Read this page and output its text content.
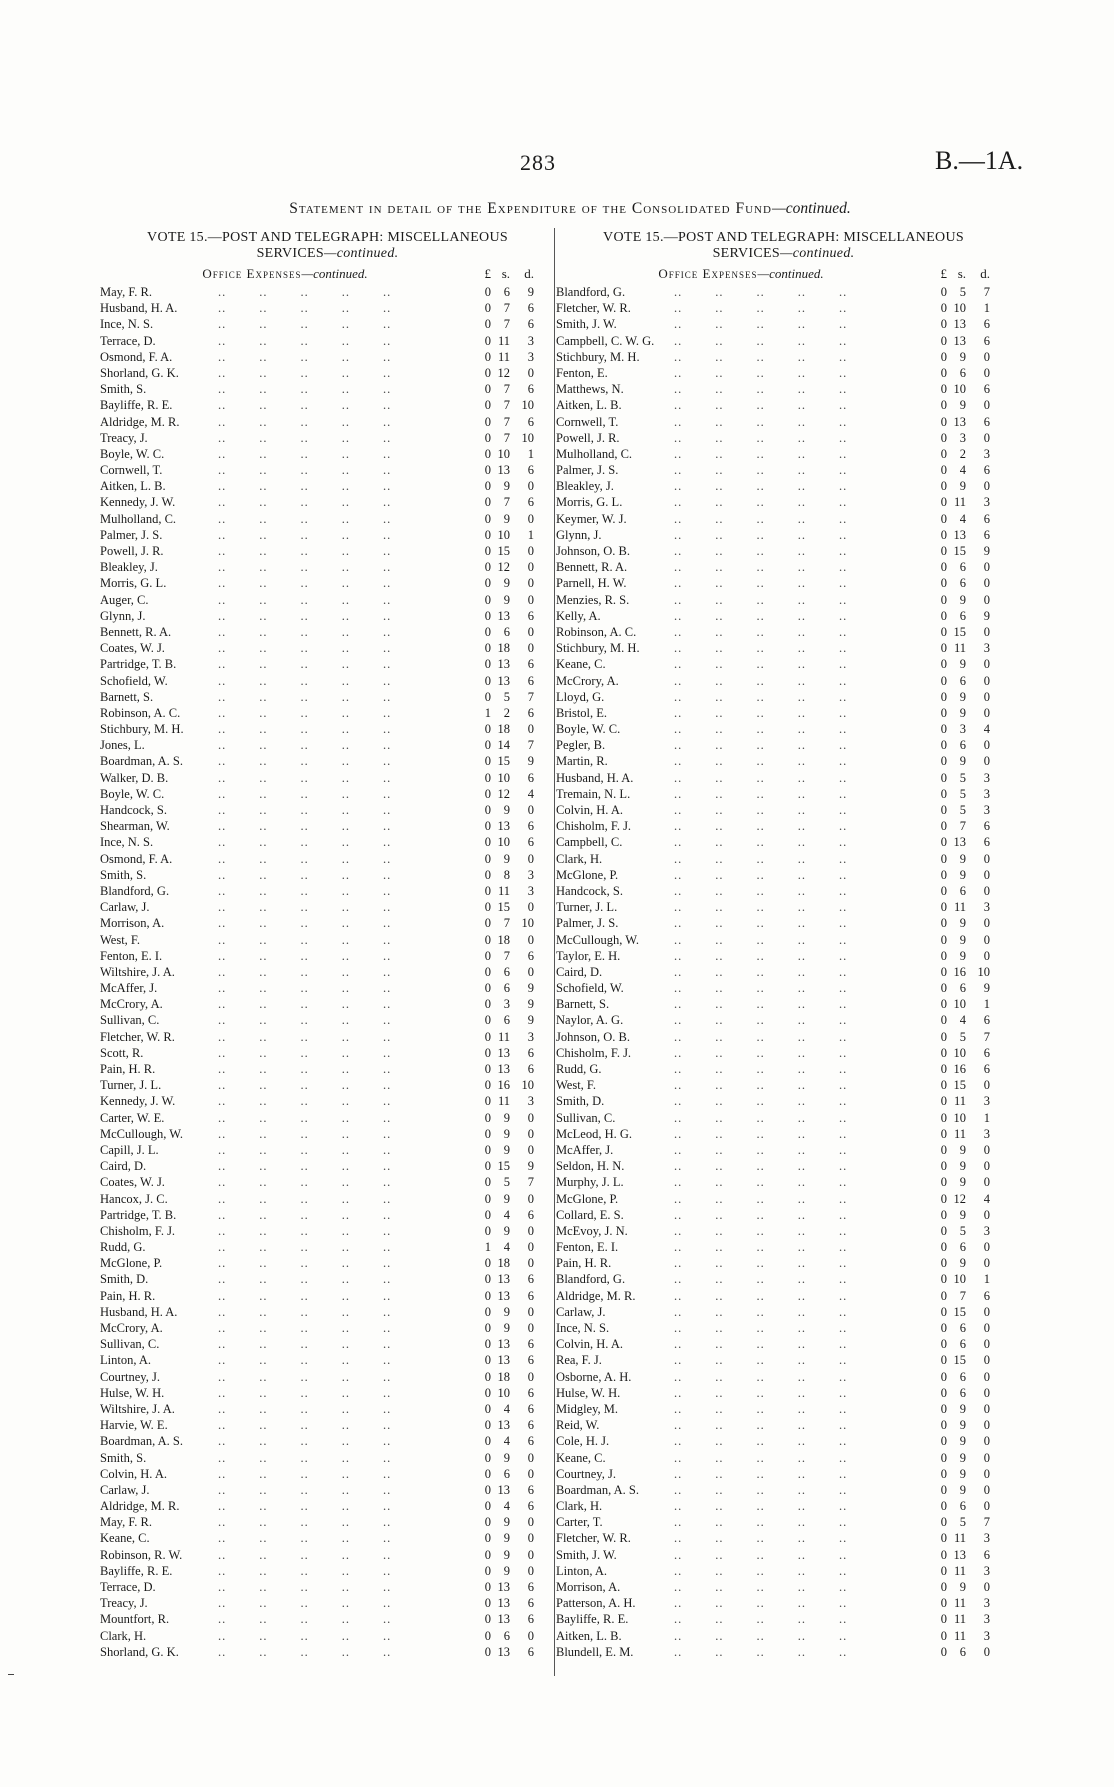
283	B.—1A.
Statement in detail of the Expenditure of the Consolidated Fund—continued.
VOTE 15.—POST AND TELEGRAPH: MISCELLANEOUS
SERVICES—continued.
Office Expenses—continued.	£ s.	d.
May, F. R.	0	6	9
..        ..        ..        ..        ..
Husband, H. A.	0	7	6
..        ..        ..        ..        ..
Ince, N. S.	0	7	6
..        ..        ..        ..        ..
Terrace, D.	0 11	3
..        ..        ..        ..        ..
Osmond, F. A.	0 11	3
..        ..        ..        ..        ..
Shorland, G. K.	0 12	0
..        ..        ..        ..        ..
Smith, S.	0	7	6
..        ..        ..        ..        ..
Bayliffe, R. E.	0	7 10
..        ..        ..        ..        ..
Aldridge, M. R.	0	7	6
..        ..        ..        ..        ..
Treacy, J.	0	7 10
..        ..        ..        ..        ..
Boyle, W. C.	0 10	1
..        ..        ..        ..        ..
Cornwell, T.	0 13	6
..        ..        ..        ..        ..
Aitken, L. B.	0	9	0
..        ..        ..        ..        ..
Kennedy, J. W.	0	7	6
..        ..        ..        ..        ..
Mulholland, C.	0	9	0
..        ..        ..        ..        ..
Palmer, J. S.	0 10	1
..        ..        ..        ..        ..
Powell, J. R.	0 15	0
..        ..        ..        ..        ..
Bleakley, J.	0 12	0
..        ..        ..        ..        ..
Morris, G. L.	0	9	0
..        ..        ..        ..        ..
Auger, C.	0	9	0
..        ..        ..        ..        ..
Glynn, J.	0 13	6
..        ..        ..        ..        ..
Bennett, R. A.	0	6	0
..        ..        ..        ..        ..
Coates, W. J.	0 18	0
..        ..        ..        ..        ..
Partridge, T. B.	0 13	6
..        ..        ..        ..        ..
Schofield, W.	0 13	6
..        ..        ..        ..        ..
Barnett, S.	0	5	7
..        ..        ..        ..        ..
Robinson, A. C.	1	2	6
..        ..        ..        ..        ..
Stichbury, M. H.	0 18	0
..        ..        ..        ..        ..
Jones, L.	0 14	7
..        ..        ..        ..        ..
Boardman, A. S.	0 15	9
..        ..        ..        ..        ..
Walker, D. B.	0 10	6
..        ..        ..        ..        ..
Boyle, W. C.	0 12	4
..        ..        ..        ..        ..
Handcock, S.	0	9	0
..        ..        ..        ..        ..
Shearman, W.	0 13	6
..        ..        ..        ..        ..
Ince, N. S.	0 10	6
..        ..        ..        ..        ..
Osmond, F. A.	0	9	0
..        ..        ..        ..        ..
Smith, S.	0	8	3
..        ..        ..        ..        ..
Blandford, G.	0 11	3
..        ..        ..        ..        ..
Carlaw, J.	0 15	0
..        ..        ..        ..        ..
Morrison, A.	0	7 10
..        ..        ..        ..        ..
West, F.	0 18	0
..        ..        ..        ..        ..
Fenton, E. I.	0	7	6
..        ..        ..        ..        ..
Wiltshire, J. A.	0	6	0
..        ..        ..        ..        ..
McAffer, J.	0	6	9
..        ..        ..        ..        ..
McCrory, A.	0	3	9
..        ..        ..        ..        ..
Sullivan, C.	0	6	9
..        ..        ..        ..        ..
Fletcher, W. R.	0 11	3
..        ..        ..        ..        ..
Scott, R.	0 13	6
..        ..        ..        ..        ..
Pain, H. R.	0 13	6
..        ..        ..        ..        ..
Turner, J. L.	0 16 10
..        ..        ..        ..        ..
Kennedy, J. W.	0 11	3
..        ..        ..        ..        ..
Carter, W. E.	0	9	0
..        ..        ..        ..        ..
McCullough, W.	0	9	0
..        ..        ..        ..        ..
Capill, J. L.	0	9	0
..        ..        ..        ..        ..
Caird, D.	0 15	9
..        ..        ..        ..        ..
Coates, W. J.	0	5	7
..        ..        ..        ..        ..
Hancox, J. C.	0	9	0
..        ..        ..        ..        ..
Partridge, T. B.	0	4	6
..        ..        ..        ..        ..
Chisholm, F. J.	0	9	0
..        ..        ..        ..        ..
Rudd, G.	1	4	0
..        ..        ..        ..        ..
McGlone, P.	0 18	0
..        ..        ..        ..        ..
Smith, D.	0 13	6
..        ..        ..        ..        ..
Pain, H. R.	0 13	6
..        ..        ..        ..        ..
Husband, H. A.	0	9	0
..        ..        ..        ..        ..
McCrory, A.	0	9	0
..        ..        ..        ..        ..
Sullivan, C.	0 13	6
..        ..        ..        ..        ..
Linton, A.	0 13	6
..        ..        ..        ..        ..
Courtney, J.	0 18	0
..        ..        ..        ..        ..
Hulse, W. H.	0 10	6
..        ..        ..        ..        ..
Wiltshire, J. A.	0	4	6
..        ..        ..        ..        ..
Harvie, W. E.	0 13	6
..        ..        ..        ..        ..
Boardman, A. S.	0	4	6
..        ..        ..        ..        ..
Smith, S.	0	9	0
..        ..        ..        ..        ..
Colvin, H. A.	0	6	0
..        ..        ..        ..        ..
Carlaw, J.	0 13	6
..        ..        ..        ..        ..
Aldridge, M. R.	0	4	6
..        ..        ..        ..        ..
May, F. R.	0	9	0
..        ..        ..        ..        ..
Keane, C.	0	9	0
..        ..        ..        ..        ..
Robinson, R. W.	0	9	0
..        ..        ..        ..        ..
Bayliffe, R. E.	0	9	0
..        ..        ..        ..        ..
Terrace, D.	0 13	6
..        ..        ..        ..        ..
Treacy, J.	0 13	6
..        ..        ..        ..        ..
Mountfort, R.	0 13	6
..        ..        ..        ..        ..
Clark, H.	0	6	0
..        ..        ..        ..        ..
Shorland, G. K.	0 13	6
..        ..        ..        ..        ..
VOTE 15.—POST AND TELEGRAPH: MISCELLANEOUS
SERVICES—continued.
Office Expenses—continued.	£ s.	d.
Blandford, G.	0	5	7
..        ..        ..        ..        ..
Fletcher, W. R.	0 10	1
..        ..        ..        ..        ..
Smith, J. W.	0 13	6
..        ..        ..        ..        ..
Campbell, C. W. G.	0 13	6
..        ..        ..        ..        ..
Stichbury, M. H.	0	9	0
..        ..        ..        ..        ..
Fenton, E.	0	6	0
..        ..        ..        ..        ..
Matthews, N.	0 10	6
..        ..        ..        ..        ..
Aitken, L. B.	0	9	0
..        ..        ..        ..        ..
Cornwell, T.	0 13	6
..        ..        ..        ..        ..
Powell, J. R.	0	3	0
..        ..        ..        ..        ..
Mulholland, C.	0	2	3
..        ..        ..        ..        ..
Palmer, J. S.	0	4	6
..        ..        ..        ..        ..
Bleakley, J.	0	9	0
..        ..        ..        ..        ..
Morris, G. L.	0 11	3
..        ..        ..        ..        ..
Keymer, W. J.	0	4	6
..        ..        ..        ..        ..
Glynn, J.	0 13	6
..        ..        ..        ..        ..
Johnson, O. B.	0 15	9
..        ..        ..        ..        ..
Bennett, R. A.	0	6	0
..        ..        ..        ..        ..
Parnell, H. W.	0	6	0
..        ..        ..        ..        ..
Menzies, R. S.	0	9	0
..        ..        ..        ..        ..
Kelly, A.	0	6	9
..        ..        ..        ..        ..
Robinson, A. C.	0 15	0
..        ..        ..        ..        ..
Stichbury, M. H.	0 11	3
..        ..        ..        ..        ..
Keane, C.	0	9	0
..        ..        ..        ..        ..
McCrory, A.	0	6	0
..        ..        ..        ..        ..
Lloyd, G.	0	9	0
..        ..        ..        ..        ..
Bristol, E.	0	9	0
..        ..        ..        ..        ..
Boyle, W. C.	0	3	4
..        ..        ..        ..        ..
Pegler, B.	0	6	0
..        ..        ..        ..        ..
Martin, R.	0	9	0
..        ..        ..        ..        ..
Husband, H. A.	0	5	3
..        ..        ..        ..        ..
Tremain, N. L.	0	5	3
..        ..        ..        ..        ..
Colvin, H. A.	0	5	3
..        ..        ..        ..        ..
Chisholm, F. J.	0	7	6
..        ..        ..        ..        ..
Campbell, C.	0 13	6
..        ..        ..        ..        ..
Clark, H.	0	9	0
..        ..        ..        ..        ..
McGlone, P.	0	9	0
..        ..        ..        ..        ..
Handcock, S.	0	6	0
..        ..        ..        ..        ..
Turner, J. L.	0 11	3
..        ..        ..        ..        ..
Palmer, J. S.	0	9	0
..        ..        ..        ..        ..
McCullough, W.	0	9	0
..        ..        ..        ..        ..
Taylor, E. H.	0	9	0
..        ..        ..        ..        ..
Caird, D.	0 16 10
..        ..        ..        ..        ..
Schofield, W.	0	6	9
..        ..        ..        ..        ..
Barnett, S.	0 10	1
..        ..        ..        ..        ..
Naylor, A. G.	0	4	6
..        ..        ..        ..        ..
Johnson, O. B.	0	5	7
..        ..        ..        ..        ..
Chisholm, F. J.	0 10	6
..        ..        ..        ..        ..
Rudd, G.	0 16	6
..        ..        ..        ..        ..
West, F.	0 15	0
..        ..        ..        ..        ..
Smith, D.	0 11	3
..        ..        ..        ..        ..
Sullivan, C.	0 10	1
..        ..        ..        ..        ..
McLeod, H. G.	0 11	3
..        ..        ..        ..        ..
McAffer, J.	0	9	0
..        ..        ..        ..        ..
Seldon, H. N.	0	9	0
..        ..        ..        ..        ..
Murphy, J. L.	0	9	0
..        ..        ..        ..        ..
McGlone, P.	0 12	4
..        ..        ..        ..        ..
Collard, E. S.	0	9	0
..        ..        ..        ..        ..
McEvoy, J. N.	0	5	3
..        ..        ..        ..        ..
Fenton, E. I.	0	6	0
..        ..        ..        ..        ..
Pain, H. R.	0	9	0
..        ..        ..        ..        ..
Blandford, G.	0 10	1
..        ..        ..        ..        ..
Aldridge, M. R.	0	7	6
..        ..        ..        ..        ..
Carlaw, J.	0 15	0
..        ..        ..        ..        ..
Ince, N. S.	0	6	0
..        ..        ..        ..        ..
Colvin, H. A.	0	6	0
..        ..        ..        ..        ..
Rea, F. J.	0 15	0
..        ..        ..        ..        ..
Osborne, A. H.	0	6	0
..        ..        ..        ..        ..
Hulse, W. H.	0	6	0
..        ..        ..        ..        ..
Midgley, M.	0	9	0
..        ..        ..        ..        ..
Reid, W.	0	9	0
..        ..        ..        ..        ..
Cole, H. J.	0	9	0
..        ..        ..        ..        ..
Keane, C.	0	9	0
..        ..        ..        ..        ..
Courtney, J.	0	9	0
..        ..        ..        ..        ..
Boardman, A. S.	0	9	0
..        ..        ..        ..        ..
Clark, H.	0	6	0
..        ..        ..        ..        ..
Carter, T.	0	5	7
..        ..        ..        ..        ..
Fletcher, W. R.	0 11	3
..        ..        ..        ..        ..
Smith, J. W.	0 13	6
..        ..        ..        ..        ..
Linton, A.	0 11	3
..        ..        ..        ..        ..
Morrison, A.	0	9	0
..        ..        ..        ..        ..
Patterson, A. H.	0 11	3
..        ..        ..        ..        ..
Bayliffe, R. E.	0 11	3
..        ..        ..        ..        ..
Aitken, L. B.	0 11	3
..        ..        ..        ..        ..
Blundell, E. M.	0	6	0
..        ..        ..        ..        ..
